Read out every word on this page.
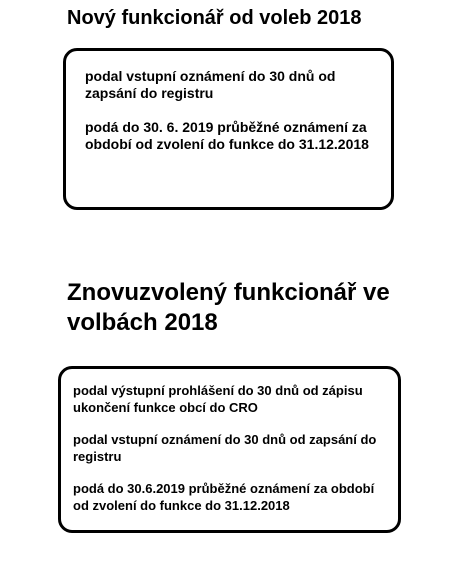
Nový funkcionář od voleb 2018

podal vstupní oznámení do 30 dnů od zapsání do registru

podá do 30. 6. 2019 průběžné oznámení za období od zvolení do funkce do 31.12.2018

Znovuzvolený funkcionář ve volbách 2018

podal výstupní prohlášení do 30 dnů od zápisu ukončení funkce obcí do CRO

podal vstupní oznámení do 30 dnů od zapsání do registru

podá do 30.6.2019 průběžné oznámení za období od zvolení do funkce do 31.12.2018
